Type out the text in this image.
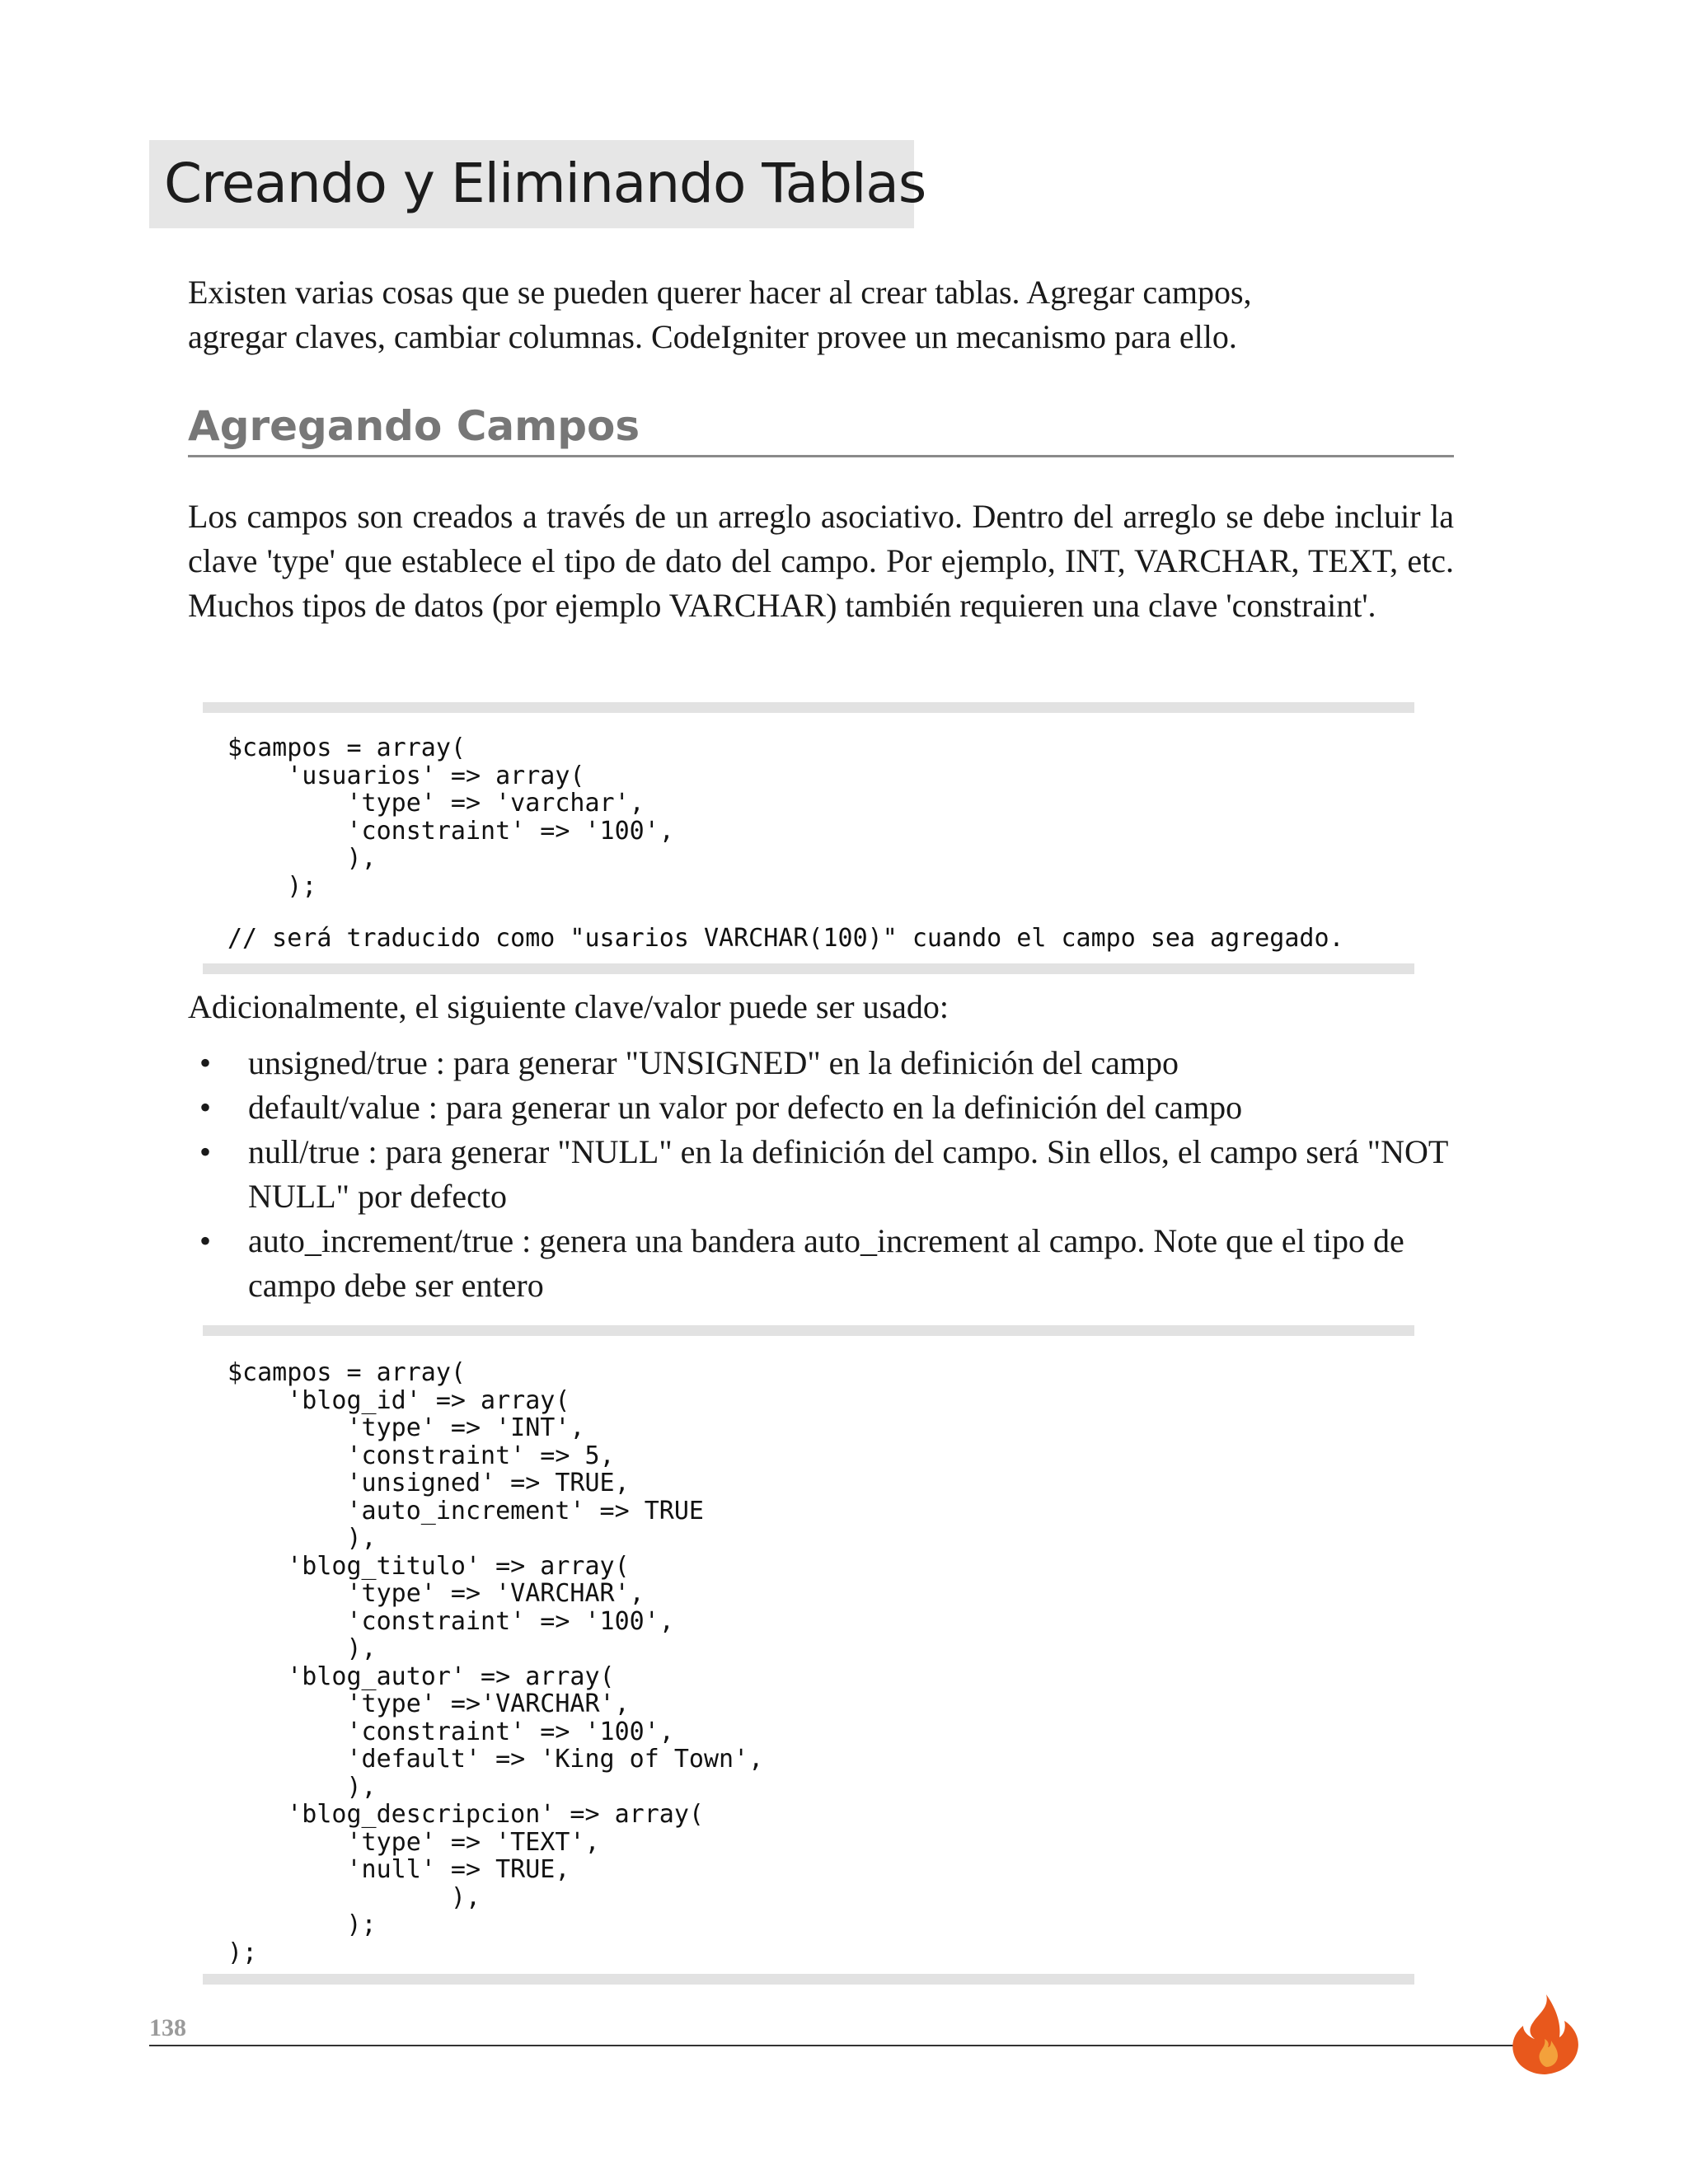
Creando y Eliminando Tablas

Existen varias cosas que se pueden querer hacer al crear tablas. Agregar campos,
agregar claves, cambiar columnas. CodeIgniter provee un mecanismo para ello.

Agregando Campos

Los campos son creados a través de un arreglo asociativo. Dentro del arreglo se debe incluir la clave 'type' que establece el tipo de dato del campo. Por ejemplo, INT, VARCHAR, TEXT, etc. Muchos tipos de datos (por ejemplo VARCHAR) también requieren una clave 'constraint'.

$campos = array(
'usuarios' => array(
'type' => 'varchar',
'constraint' => '100',
),
);
// será traducido como "usarios VARCHAR(100)" cuando el campo sea agregado.

Adicionalmente, el siguiente clave/valor puede ser usado:

• unsigned/true : para generar "UNSIGNED" en la definición del campo
• default/value : para generar un valor por defecto en la definición del campo
• null/true : para generar "NULL" en la definición del campo. Sin ellos, el campo será "NOT NULL" por defecto
• auto_increment/true : genera una bandera auto_increment al campo. Note que el tipo de campo debe ser entero
$campos = array(
'blog_id' => array(
'type' => 'INT',
'constraint' => 5,
'unsigned' => TRUE,
'auto_increment' => TRUE
),
'blog_titulo' => array(
'type' => 'VARCHAR',
'constraint' => '100',
),
'blog_autor' => array(
'type' =>'VARCHAR',
'constraint' => '100',
'default' => 'King of Town',
),
'blog_descripcion' => array(
'type' => 'TEXT',
'null' => TRUE,
),
);
);
138
